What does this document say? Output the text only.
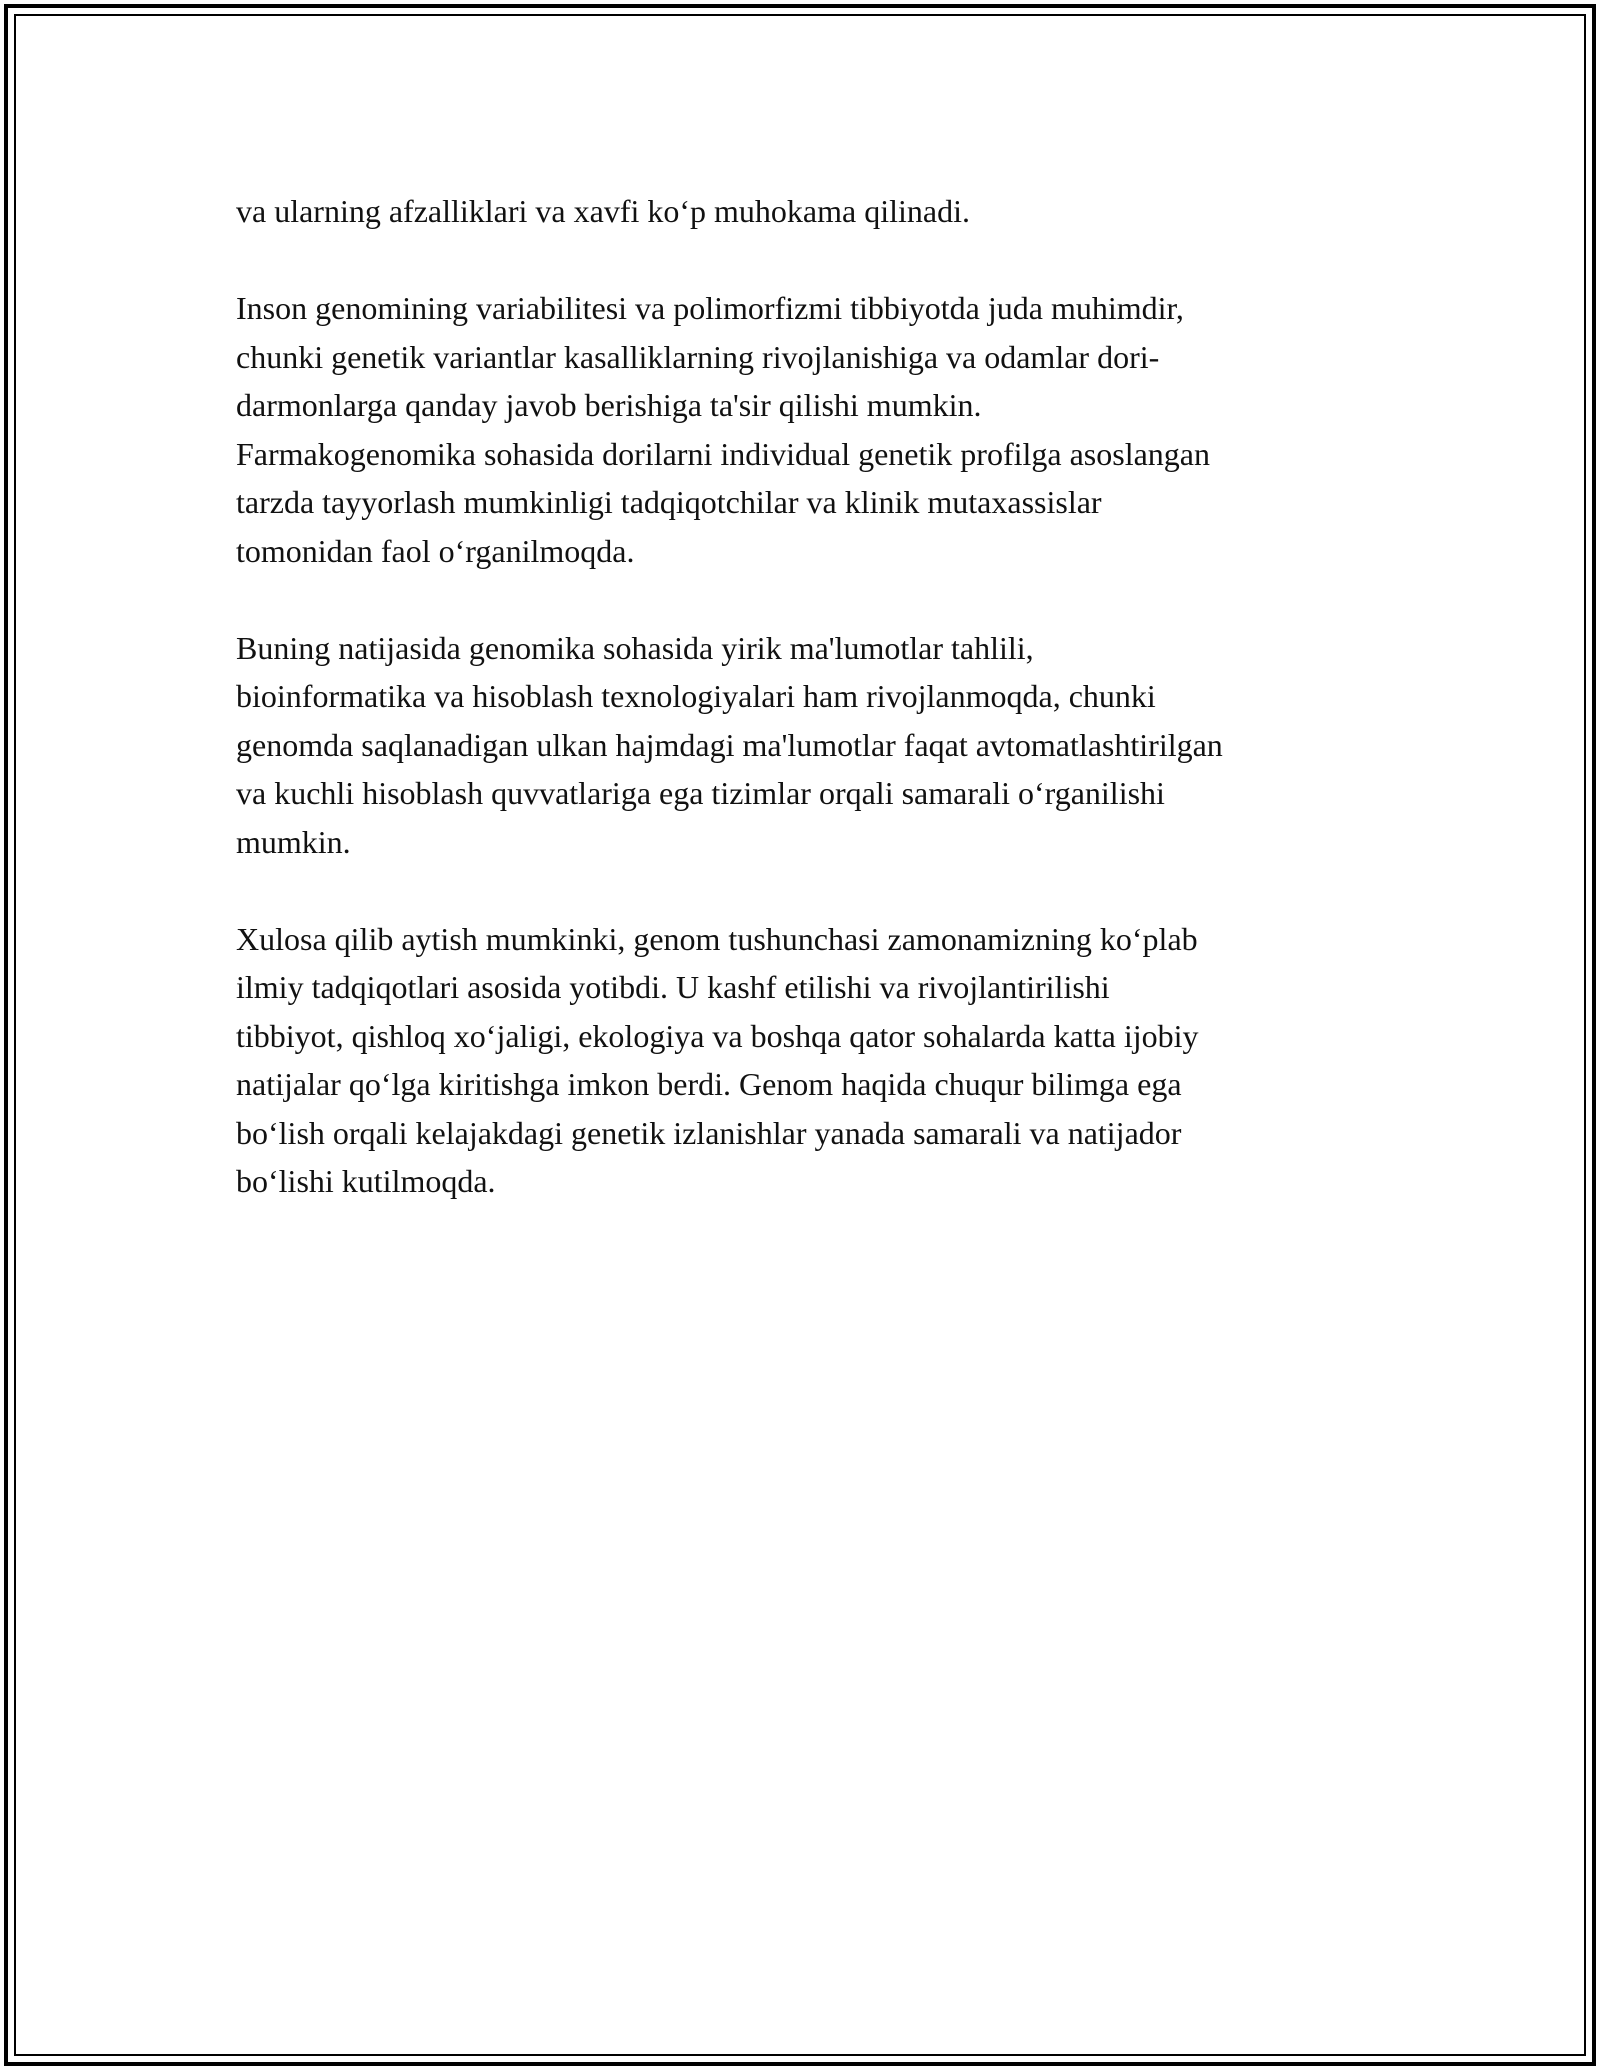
va ularning afzalliklari va xavfi ko‘p muhokama qilinadi.

Inson genomining variabilitesi va polimorfizmi tibbiyotda juda muhimdir,
chunki genetik variantlar kasalliklarning rivojlanishiga va odamlar dori-
darmonlarga qanday javob berishiga ta'sir qilishi mumkin.
Farmakogenomika sohasida dorilarni individual genetik profilga asoslangan
tarzda tayyorlash mumkinligi tadqiqotchilar va klinik mutaxassislar
tomonidan faol o‘rganilmoqda.

Buning natijasida genomika sohasida yirik ma'lumotlar tahlili,
bioinformatika va hisoblash texnologiyalari ham rivojlanmoqda, chunki
genomda saqlanadigan ulkan hajmdagi ma'lumotlar faqat avtomatlashtirilgan
va kuchli hisoblash quvvatlariga ega tizimlar orqali samarali o‘rganilishi
mumkin.

Xulosa qilib aytish mumkinki, genom tushunchasi zamonamizning ko‘plab
ilmiy tadqiqotlari asosida yotibdi. U kashf etilishi va rivojlantirilishi
tibbiyot, qishloq xo‘jaligi, ekologiya va boshqa qator sohalarda katta ijobiy
natijalar qo‘lga kiritishga imkon berdi. Genom haqida chuqur bilimga ega
bo‘lish orqali kelajakdagi genetik izlanishlar yanada samarali va natijador
bo‘lishi kutilmoqda.
